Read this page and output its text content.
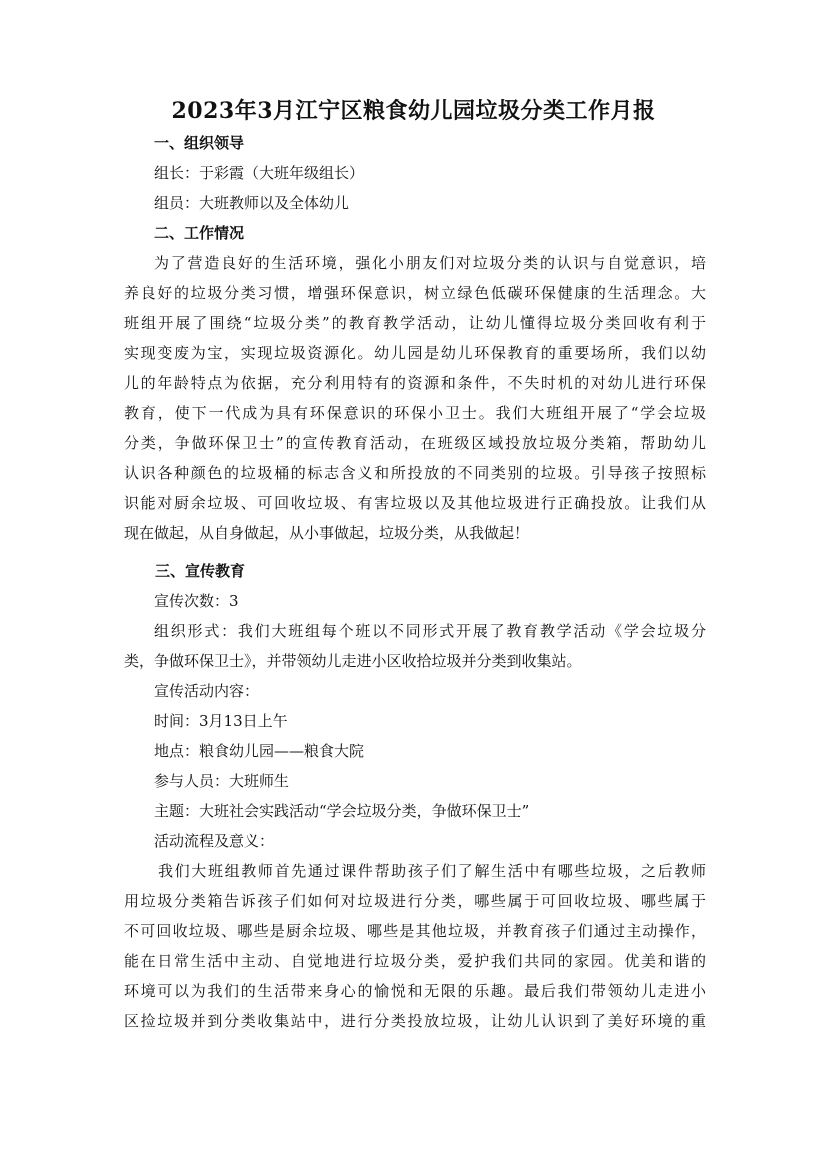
2023年3月江宁区粮食幼儿园垃圾分类工作月报
一、组织领导
组长：于彩霞（大班年级组长）
组员：大班教师以及全体幼儿
二、工作情况
为了营造良好的生活环境，强化小朋友们对垃圾分类的认识与自觉意识，培
养良好的垃圾分类习惯，增强环保意识，树立绿色低碳环保健康的生活理念。大
班组开展了围绕“垃圾分类”的教育教学活动，让幼儿懂得垃圾分类回收有利于
实现变废为宝，实现垃圾资源化。幼儿园是幼儿环保教育的重要场所，我们以幼
儿的年龄特点为依据，充分利用特有的资源和条件，不失时机的对幼儿进行环保
教育，使下一代成为具有环保意识的环保小卫士。我们大班组开展了“学会垃圾
分类，争做环保卫士”的宣传教育活动，在班级区域投放垃圾分类箱，帮助幼儿
认识各种颜色的垃圾桶的标志含义和所投放的不同类别的垃圾。引导孩子按照标
识能对厨余垃圾、可回收垃圾、有害垃圾以及其他垃圾进行正确投放。让我们从
现在做起，从自身做起，从小事做起，垃圾分类，从我做起！
三、宣传教育
宣传次数：3
组织形式：我们大班组每个班以不同形式开展了教育教学活动《学会垃圾分
类，争做环保卫士》，并带领幼儿走进小区收拾垃圾并分类到收集站。
宣传活动内容：
时间：3月13日上午
地点：粮食幼儿园——粮食大院
参与人员：大班师生
主题：大班社会实践活动“学会垃圾分类，争做环保卫士”
活动流程及意义：
我们大班组教师首先通过课件帮助孩子们了解生活中有哪些垃圾，之后教师
用垃圾分类箱告诉孩子们如何对垃圾进行分类，哪些属于可回收垃圾、哪些属于
不可回收垃圾、哪些是厨余垃圾、哪些是其他垃圾，并教育孩子们通过主动操作，
能在日常生活中主动、自觉地进行垃圾分类，爱护我们共同的家园。优美和谐的
环境可以为我们的生活带来身心的愉悦和无限的乐趣。最后我们带领幼儿走进小
区捡垃圾并到分类收集站中，进行分类投放垃圾，让幼儿认识到了美好环境的重
